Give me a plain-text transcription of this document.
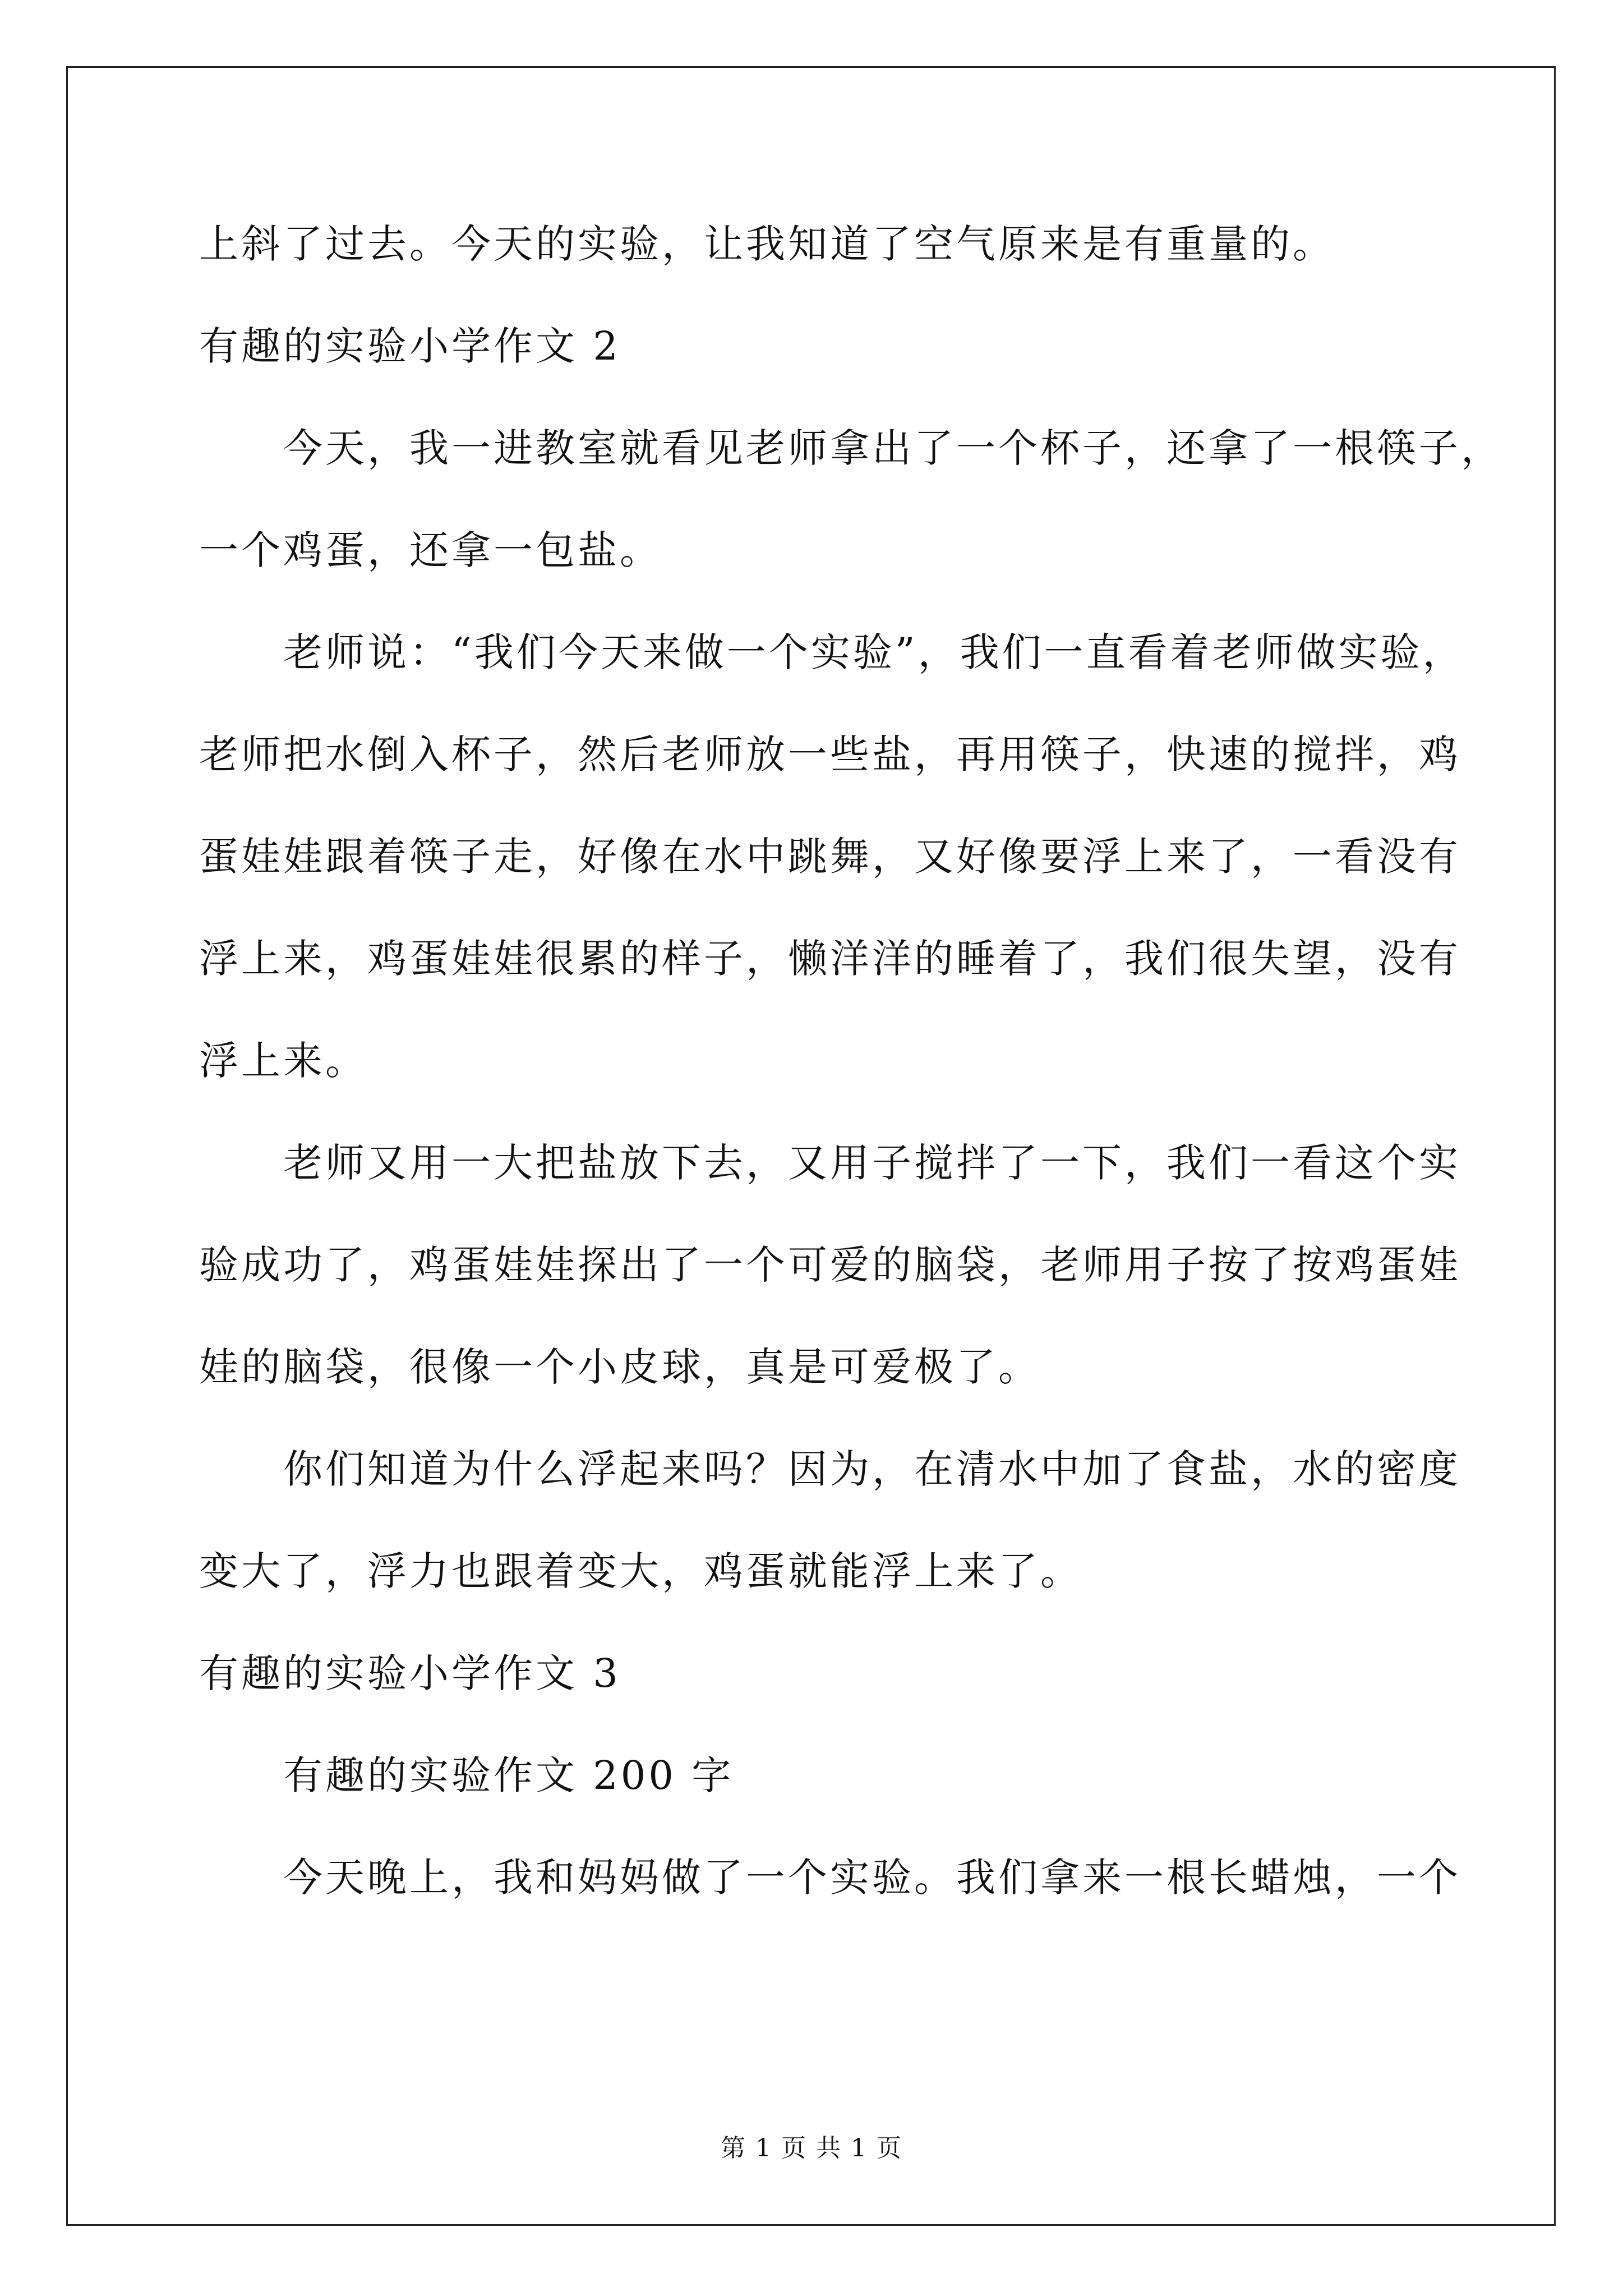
上斜了过去。今天的实验，让我知道了空气原来是有重量的。
有趣的实验小学作文 2
今天，我一进教室就看见老师拿出了一个杯子，还拿了一根筷子，
一个鸡蛋，还拿一包盐。
老师说：“我们今天来做一个实验”，我们一直看着老师做实验，
老师把水倒入杯子，然后老师放一些盐，再用筷子，快速的搅拌，鸡
蛋娃娃跟着筷子走，好像在水中跳舞，又好像要浮上来了，一看没有
浮上来，鸡蛋娃娃很累的样子，懒洋洋的睡着了，我们很失望，没有
浮上来。
老师又用一大把盐放下去，又用子搅拌了一下，我们一看这个实
验成功了，鸡蛋娃娃探出了一个可爱的脑袋，老师用子按了按鸡蛋娃
娃的脑袋，很像一个小皮球，真是可爱极了。
你们知道为什么浮起来吗？因为，在清水中加了食盐，水的密度
变大了，浮力也跟着变大，鸡蛋就能浮上来了。
有趣的实验小学作文 3
有趣的实验作文 200 字
今天晚上，我和妈妈做了一个实验。我们拿来一根长蜡烛，一个
第 1 页 共 1 页
